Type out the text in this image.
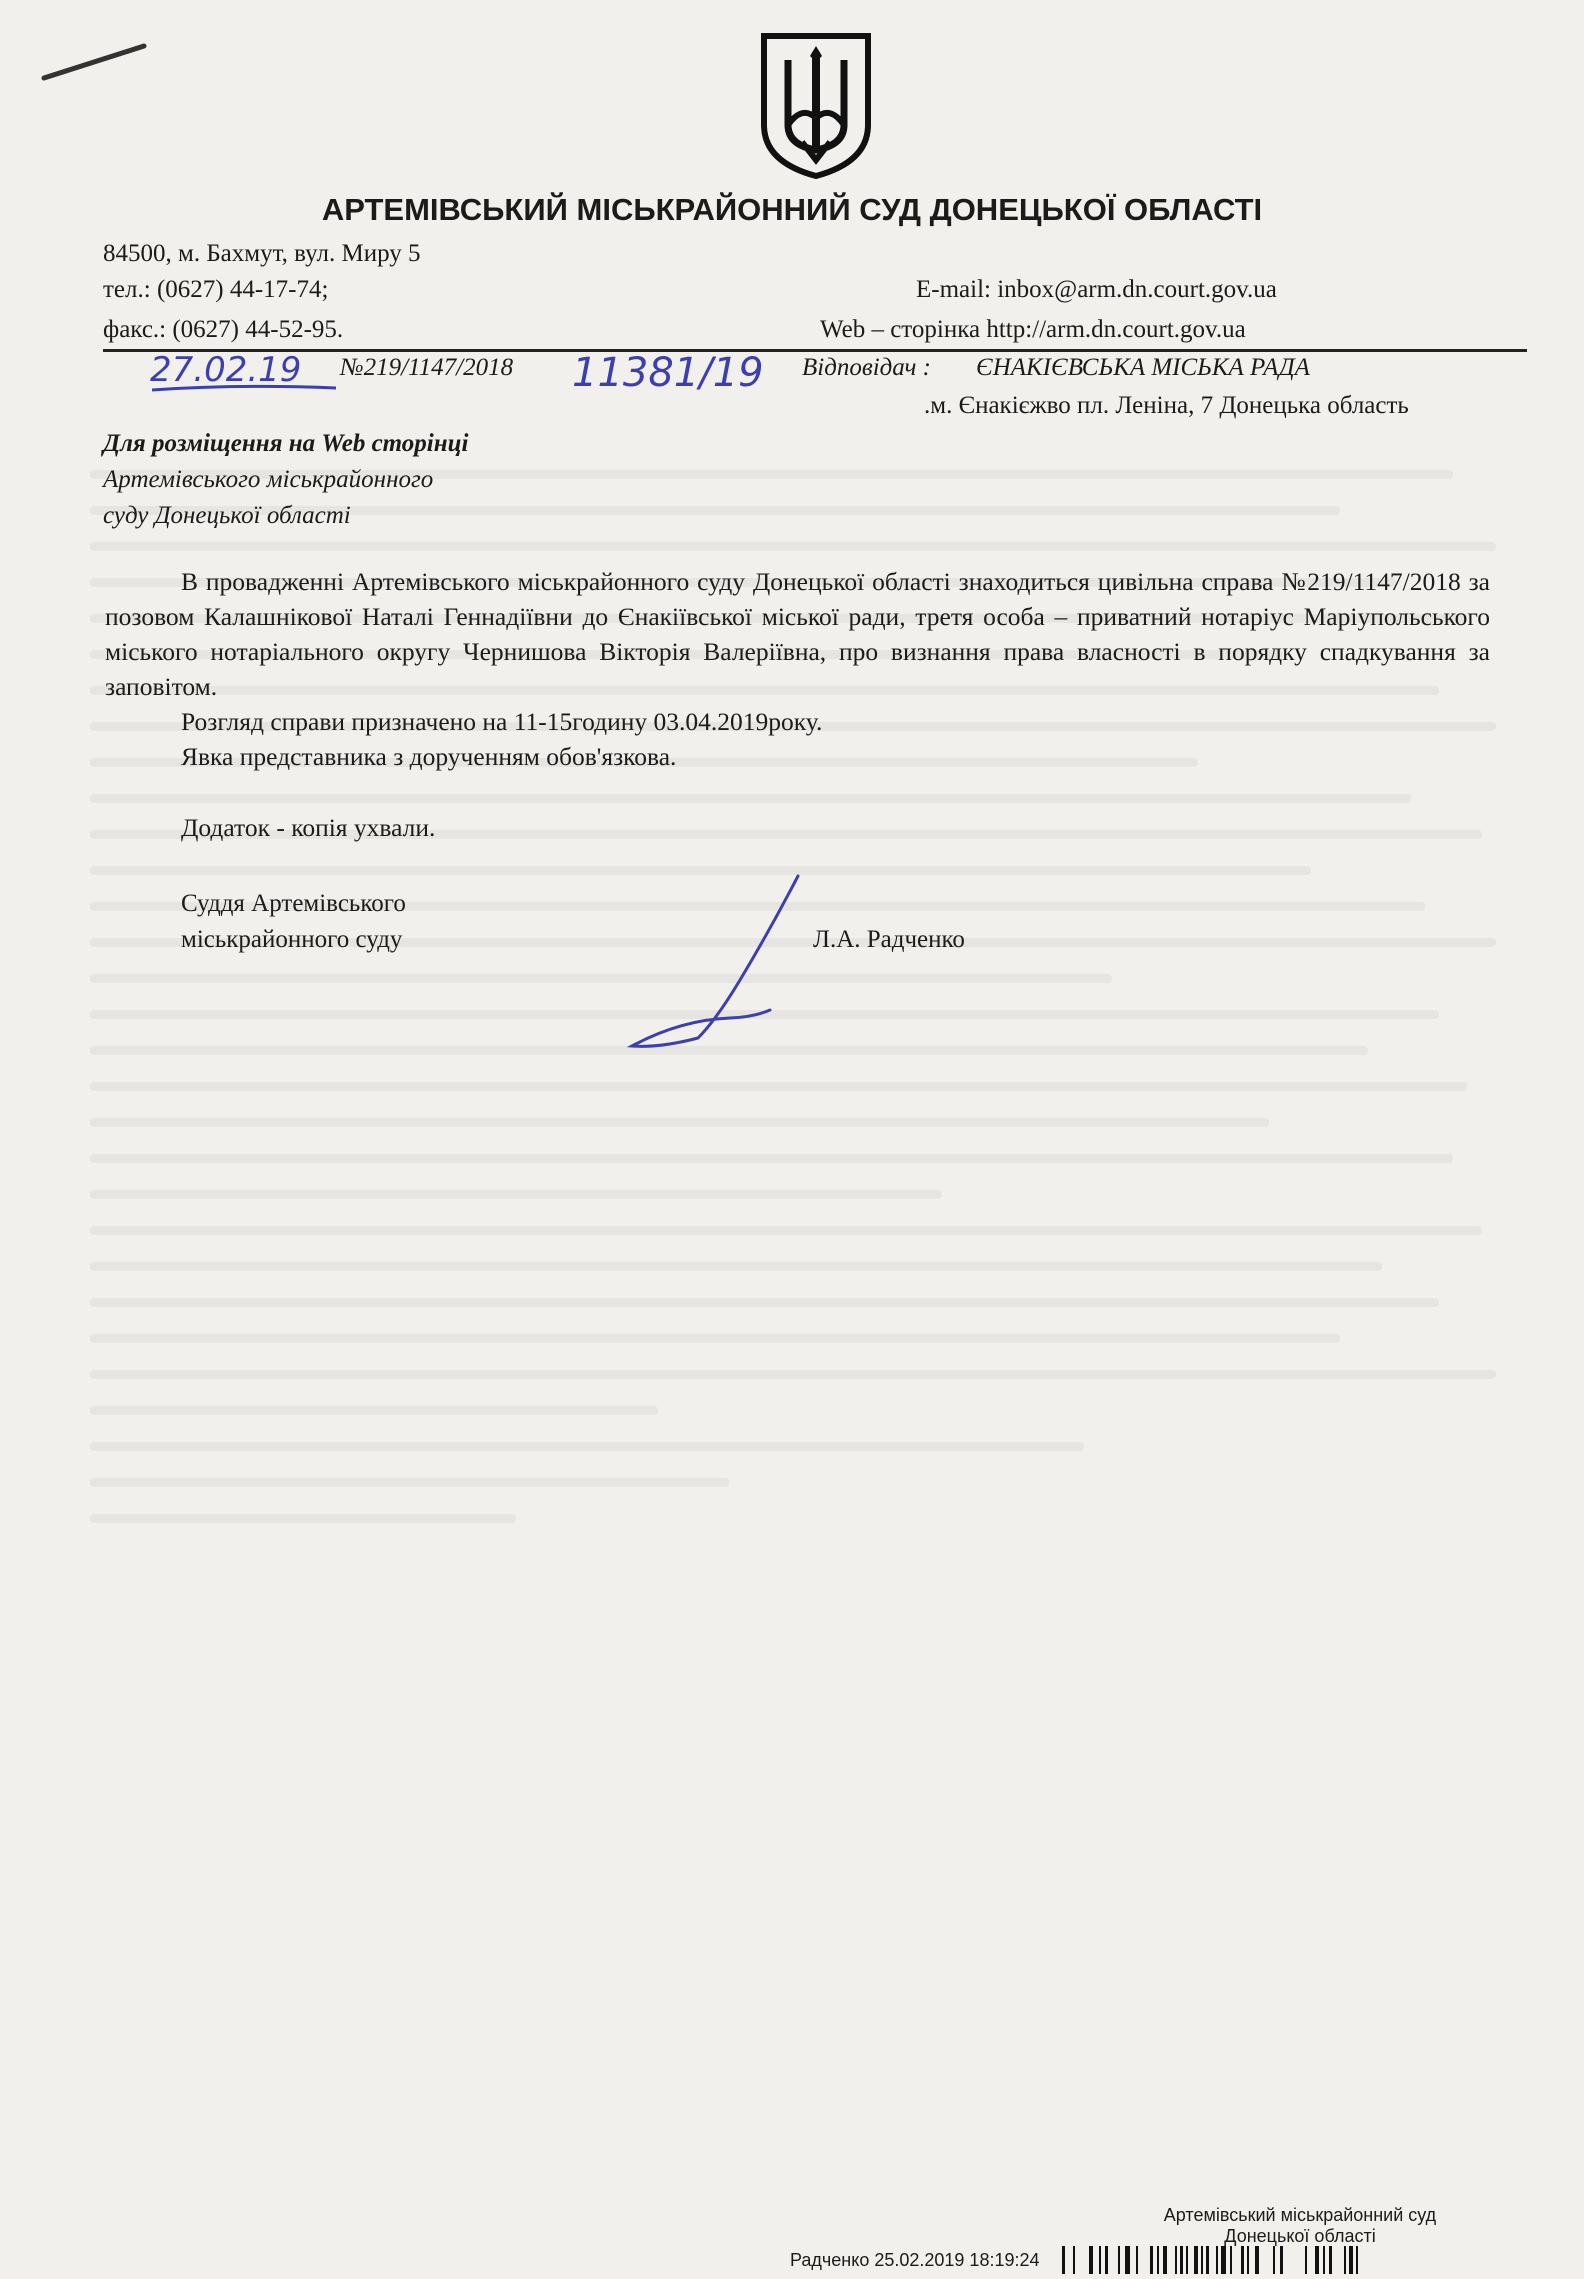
АРТЕМІВСЬКИЙ МІСЬКРАЙОННИЙ СУД ДОНЕЦЬКОЇ ОБЛАСТІ
84500, м. Бахмут, вул. Миру 5
тел.: (0627) 44-17-74;
факс.: (0627) 44-52-95.
E-mail: inbox@arm.dn.court.gov.ua
Web – сторінка http://arm.dn.court.gov.ua
27.02.19 №219/1147/2018 11381/19 Відповідач : ЄНАКІЄВСЬКА МІСЬКА РАДА
.м. Єнакієжво пл. Леніна, 7 Донецька область
Для розміщення на Web сторінці
Артемівського міськрайонного
суду Донецької області

В провадженні Артемівського міськрайонного суду Донецької області знаходиться цивільна справа №219/1147/2018 за позовом Калашнікової Наталі Геннадіївни до Єнакіївської міської ради, третя особа – приватний нотаріус Маріупольського міського нотаріального округу Чернишова Вікторія Валеріївна, про визнання права власності в порядку спадкування за заповітом.

Розгляд справи призначено на 11-15годину 03.04.2019року.

Явка представника з дорученням обов'язкова.

Додаток - копія ухвали.

Суддя Артемівського
міськрайонного суду	Л.А. Радченко
Артемівський міськрайонний суд
Донецької області
Радченко 25.02.2019 18:19:24
